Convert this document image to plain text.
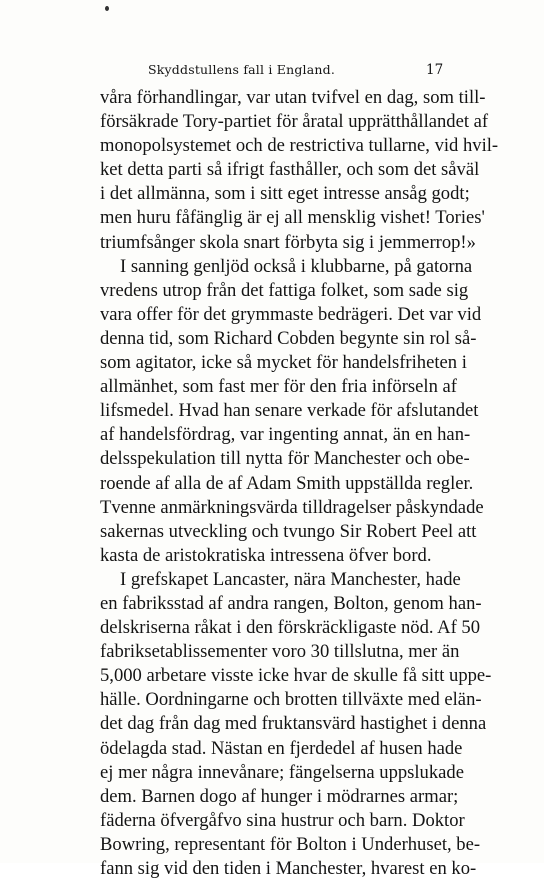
Skyddstullens fall i England.	17
våra förhandlingar, var utan tvifvel en dag, som till-
försäkrade Tory-partiet för åratal upprätthållandet af
monopolsystemet och de restrictiva tullarne, vid hvil-
ket detta parti så ifrigt fasthåller, och som det såväl
i det allmänna, som i sitt eget intresse ansåg godt;
men huru fåfänglig är ej all mensklig vishet! Tories'
triumfsånger skola snart förbyta sig i jemmerrop!»
I sanning genljöd också i klubbarne, på gatorna
vredens utrop från det fattiga folket, som sade sig
vara offer för det grymmaste bedrägeri. Det var vid
denna tid, som Richard Cobden begynte sin rol så-
som agitator, icke så mycket för handelsfriheten i
allmänhet, som fast mer för den fria införseln af
lifsmedel. Hvad han senare verkade för afslutandet
af handelsfördrag, var ingenting annat, än en han-
delsspekulation till nytta för Manchester och obe-
roende af alla de af Adam Smith uppställda regler.
Tvenne anmärkningsvärda tilldragelser påskyndade
sakernas utveckling och tvungo Sir Robert Peel att
kasta de aristokratiska intressena öfver bord.
I grefskapet Lancaster, nära Manchester, hade
en fabriksstad af andra rangen, Bolton, genom han-
delskriserna råkat i den förskräckligaste nöd. Af 50
fabriksetablissementer voro 30 tillslutna, mer än
5,000 arbetare visste icke hvar de skulle få sitt uppe-
hälle. Oordningarne och brotten tillväxte med elän-
det dag från dag med fruktansvärd hastighet i denna
ödelagda stad. Nästan en fjerdedel af husen hade
ej mer några innevånare; fängelserna uppslukade
dem. Barnen dogo af hunger i mödrarnes armar;
fäderna öfvergåfvo sina hustrur och barn. Doktor
Bowring, representant för Bolton i Underhuset, be-
fann sig vid den tiden i Manchester, hvarest en ko-
